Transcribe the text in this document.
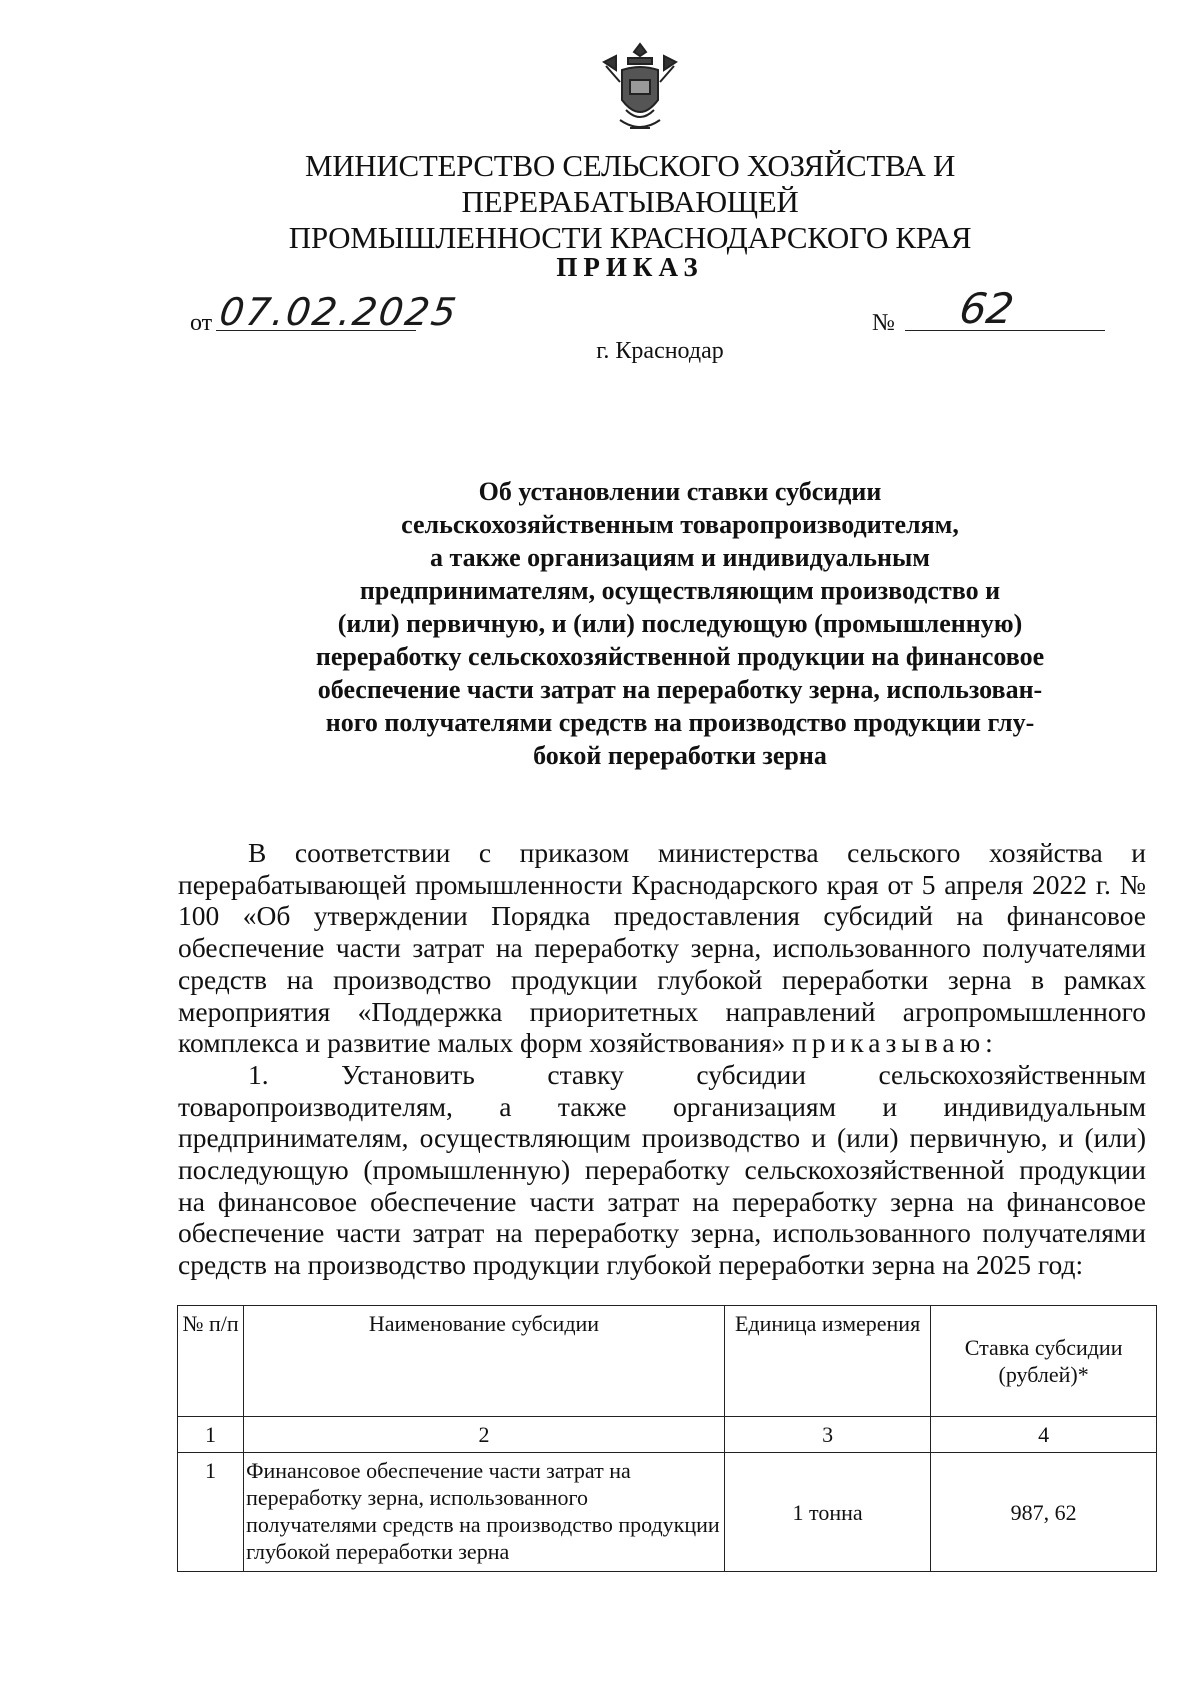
МИНИСТЕРСТВО СЕЛЬСКОГО ХОЗЯЙСТВА И ПЕРЕРАБАТЫВАЮЩЕЙ
ПРОМЫШЛЕННОСТИ КРАСНОДАРСКОГО КРАЯ
ПРИКАЗ
от 07.02.2025	№ 62
г. Краснодар
Об установлении ставки субсидии
сельскохозяйственным товаропроизводителям,
а также организациям и индивидуальным
предпринимателям, осуществляющим производство и
(или) первичную, и (или) последующую (промышленную)
переработку сельскохозяйственной продукции на финансовое
обеспечение части затрат на переработку зерна, использован-
ного получателями средств на производство продукции глу-
бокой переработки зерна

В соответствии с приказом министерства сельского хозяйства и перерабатывающей промышленности Краснодарского края от 5 апреля 2022 г. № 100 «Об утверждении Порядка предоставления субсидий на финансовое обеспечение части затрат на переработку зерна, использованного получателями средств на производство продукции глубокой переработки зерна в рамках мероприятия «Поддержка приоритетных направлений агропромышленного комплекса и развитие малых форм хозяйствования» приказываю:

1. Установить ставку субсидии сельскохозяйственным товаропроизводителям, а также организациям и индивидуальным предпринимателям, осуществляющим производство и (или) первичную, и (или) последующую (промышленную) переработку сельскохозяйственной продукции на финансовое обеспечение части затрат на переработку зерна на финансовое обеспечение части затрат на переработку зерна, использованного получателями средств на производство продукции глубокой переработки зерна на 2025 год:

№ п/п	Наименование субсидии	Единица измерения	Ставка субсидии (рублей)*
1	2	3	4
1	Финансовое обеспечение части затрат на переработку зерна, использованного получателями средств на производство продукции глубокой переработки зерна	1 тонна	987, 62
